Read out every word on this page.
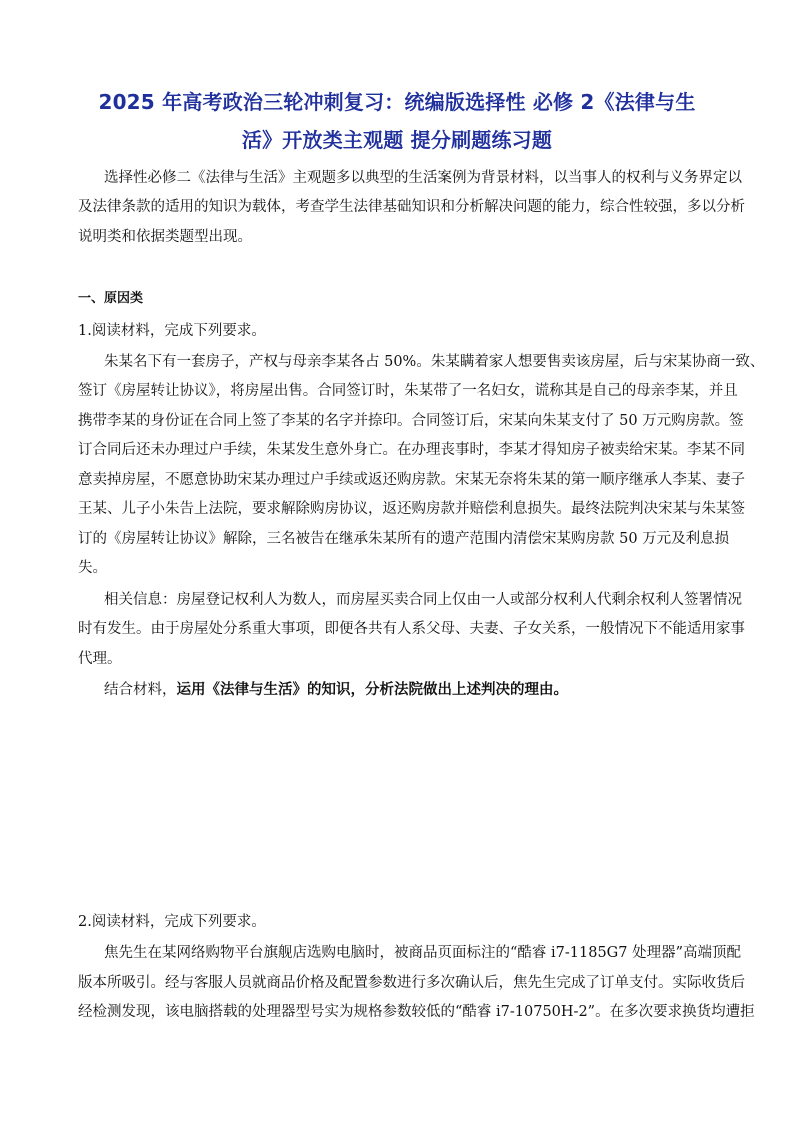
2025 年高考政治三轮冲刺复习：统编版选择性 必修 2《法律与生
活》开放类主观题 提分刷题练习题
选择性必修二《法律与生活》主观题多以典型的生活案例为背景材料，以当事人的权利与义务界定以
及法律条款的适用的知识为载体，考查学生法律基础知识和分析解决问题的能力，综合性较强，多以分析
说明类和依据类题型出现。
一、原因类
1.阅读材料，完成下列要求。
朱某名下有一套房子，产权与母亲李某各占 50%。朱某瞒着家人想要售卖该房屋，后与宋某协商一致、
签订《房屋转让协议》，将房屋出售。合同签订时，朱某带了一名妇女，谎称其是自己的母亲李某，并且
携带李某的身份证在合同上签了李某的名字并捺印。合同签订后，宋某向朱某支付了 50 万元购房款。签
订合同后还未办理过户手续，朱某发生意外身亡。在办理丧事时，李某才得知房子被卖给宋某。李某不同
意卖掉房屋，不愿意协助宋某办理过户手续或返还购房款。宋某无奈将朱某的第一顺序继承人李某、妻子
王某、儿子小朱告上法院，要求解除购房协议，返还购房款并赔偿利息损失。最终法院判决宋某与朱某签
订的《房屋转让协议》解除，三名被告在继承朱某所有的遗产范围内清偿宋某购房款 50 万元及利息损
失。
相关信息：房屋登记权利人为数人，而房屋买卖合同上仅由一人或部分权利人代剩余权利人签署情况
时有发生。由于房屋处分系重大事项，即便各共有人系父母、夫妻、子女关系，一般情况下不能适用家事
代理。
结合材料，运用《法律与生活》的知识，分析法院做出上述判决的理由。
2.阅读材料，完成下列要求。
焦先生在某网络购物平台旗舰店选购电脑时，被商品页面标注的“酷睿 i7-1185G7 处理器”高端顶配
版本所吸引。经与客服人员就商品价格及配置参数进行多次确认后，焦先生完成了订单支付。实际收货后
经检测发现，该电脑搭载的处理器型号实为规格参数较低的“酷睿 i7-10750H-2”。在多次要求换货均遭拒
